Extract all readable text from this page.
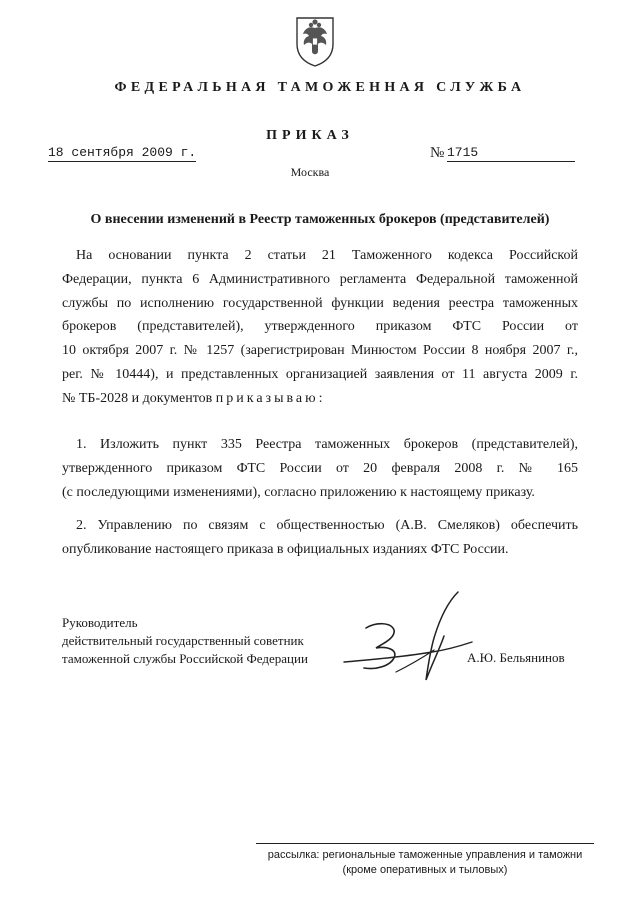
ФЕДЕРАЛЬНАЯ ТАМОЖЕННАЯ СЛУЖБА
ПРИКАЗ
18 сентября 2009 г.	№ 1715
Москва
О внесении изменений в Реестр таможенных брокеров (представителей)
На основании пункта 2 статьи 21 Таможенного кодекса Российской
Федерации, пункта 6 Административного регламента Федеральной таможенной
службы по исполнению государственной функции ведения реестра таможенных
брокеров (представителей), утвержденного приказом ФТС России от
10 октября 2007 г. № 1257 (зарегистрирован Минюстом России 8 ноября 2007 г.,
рег. № 10444), и представленных организацией заявления от 11 августа 2009 г.
№ ТБ-2028 и документов приказываю:
1. Изложить пункт 335 Реестра таможенных брокеров (представителей),
утвержденного приказом ФТС России от 20 февраля 2008 г. № 165
(с последующими изменениями), согласно приложению к настоящему приказу.
2. Управлению по связям с общественностью (А.В. Смеляков) обеспечить
опубликование настоящего приказа в официальных изданиях ФТС России.
Руководитель
действительный государственный советник
таможенной службы Российской Федерации	А.Ю. Бельянинов
рассылка: региональные таможенные управления и таможни
(кроме оперативных и тыловых)
